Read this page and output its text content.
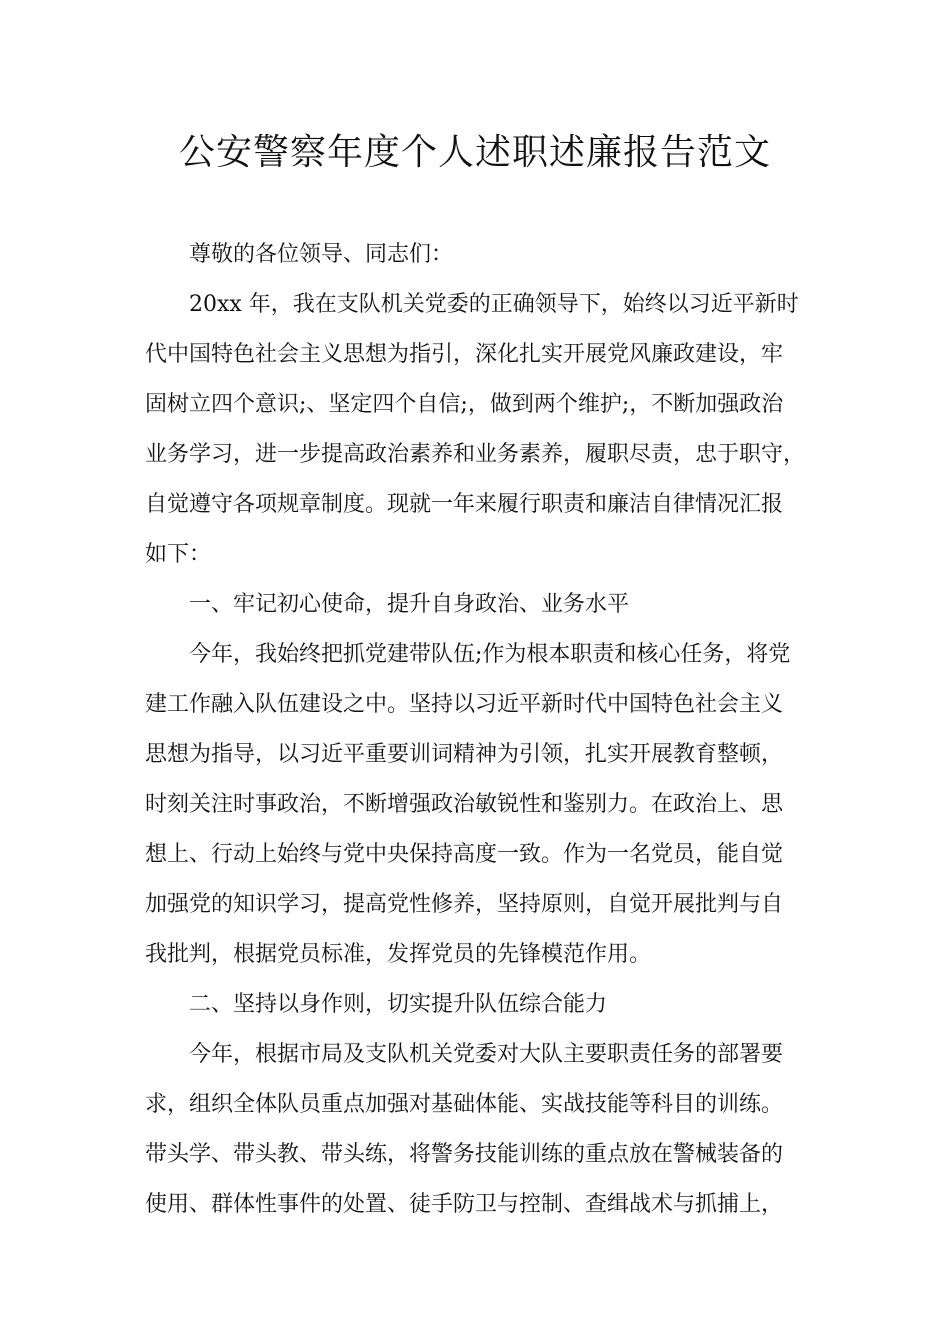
公安警察年度个人述职述廉报告范文

尊敬的各位领导、同志们：

20xx 年，我在支队机关党委的正确领导下，始终以习近平新时

代中国特色社会主义思想为指引，深化扎实开展党风廉政建设，牢

固树立四个意识;、坚定四个自信;，做到两个维护;，不断加强政治

业务学习，进一步提高政治素养和业务素养，履职尽责，忠于职守，

自觉遵守各项规章制度。现就一年来履行职责和廉洁自律情况汇报

如下：

一、牢记初心使命，提升自身政治、业务水平

今年，我始终把抓党建带队伍;作为根本职责和核心任务，将党

建工作融入队伍建设之中。坚持以习近平新时代中国特色社会主义

思想为指导，以习近平重要训词精神为引领，扎实开展教育整顿，

时刻关注时事政治，不断增强政治敏锐性和鉴别力。在政治上、思

想上、行动上始终与党中央保持高度一致。作为一名党员，能自觉

加强党的知识学习，提高党性修养，坚持原则，自觉开展批判与自

我批判，根据党员标准，发挥党员的先锋模范作用。

二、坚持以身作则，切实提升队伍综合能力

今年，根据市局及支队机关党委对大队主要职责任务的部署要

求，组织全体队员重点加强对基础体能、实战技能等科目的训练。

带头学、带头教、带头练，将警务技能训练的重点放在警械装备的

使用、群体性事件的处置、徒手防卫与控制、查缉战术与抓捕上，
